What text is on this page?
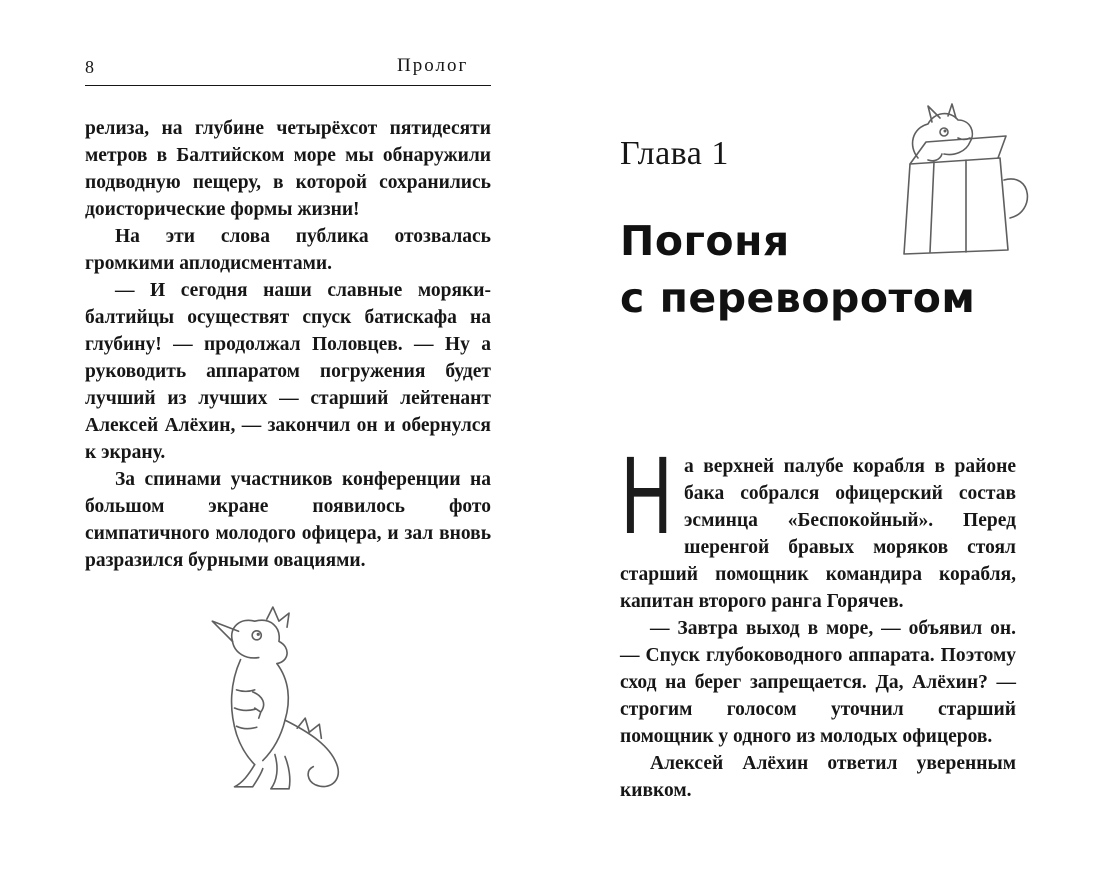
8	Пролог

релиза, на глубине четырёхсот пятидесяти метров в Балтийском море мы обнаружили подводную пещеру, в которой сохранились доисторические формы жизни!

На эти слова публика отозвалась громкими аплодисментами.

— И сегодня наши славные моряки-балтийцы осуществят спуск батискафа на глубину! — продолжал Половцев. — Ну а руководить аппаратом погружения будет лучший из лучших — старший лейтенант Алексей Алёхин, — закончил он и обернулся к экрану.

За спинами участников конференции на большом экране появилось фото симпатичного молодого офицера, и зал вновь разразился бурными овациями.

Глава 1
Погоня
с переворотом

Н а верхней палубе корабля в районе бака собрался офицерский состав эсминца «Беспокойный». Перед шеренгой бравых моряков стоял старший помощник командира корабля, капитан второго ранга Горячев.

— Завтра выход в море, — объявил он. — Спуск глубоководного аппарата. Поэтому сход на берег запрещается. Да, Алёхин? — строгим голосом уточнил старший помощник у одного из молодых офицеров.

Алексей Алёхин ответил уверенным кивком.
